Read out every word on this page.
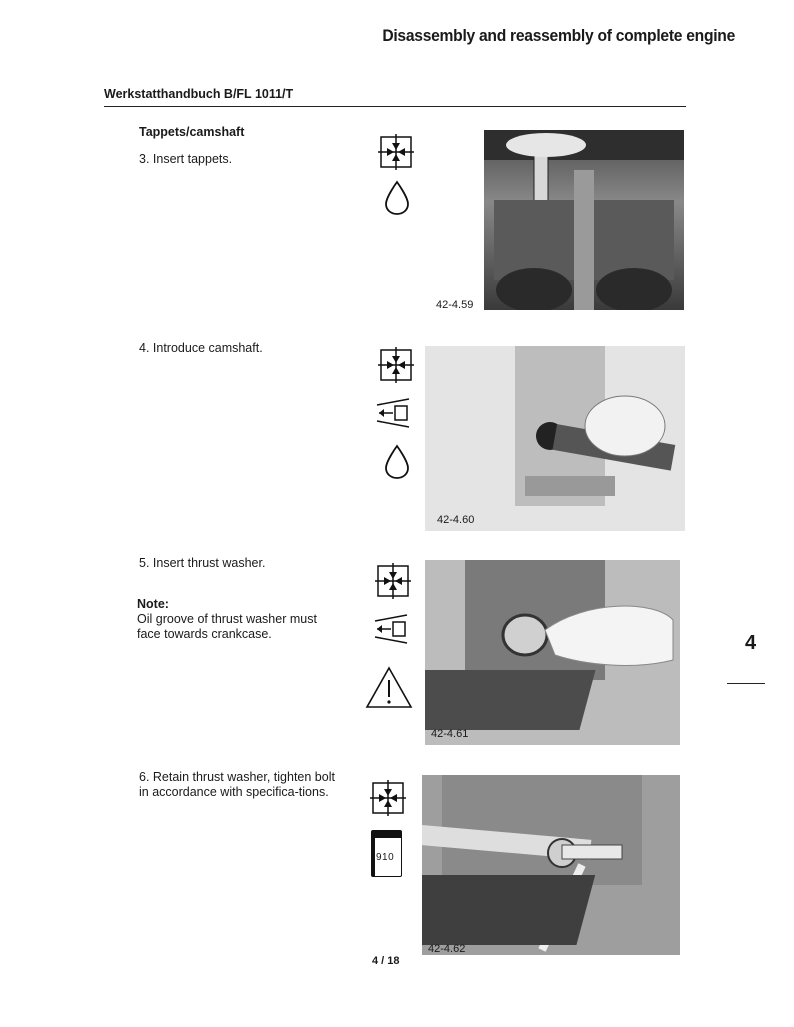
Disassembly and reassembly of complete engine
Werkstatthandbuch B/FL 1011/T
Tappets/camshaft
3. Insert tappets.
42-4.59
4. Introduce camshaft.
42-4.60
5. Insert thrust washer.
Note:
Oil groove of thrust washer must face towards crankcase.
42-4.61
6. Retain thrust washer, tighten bolt in accordance with specifica-tions.
910
42-4.62
4
4 / 18
